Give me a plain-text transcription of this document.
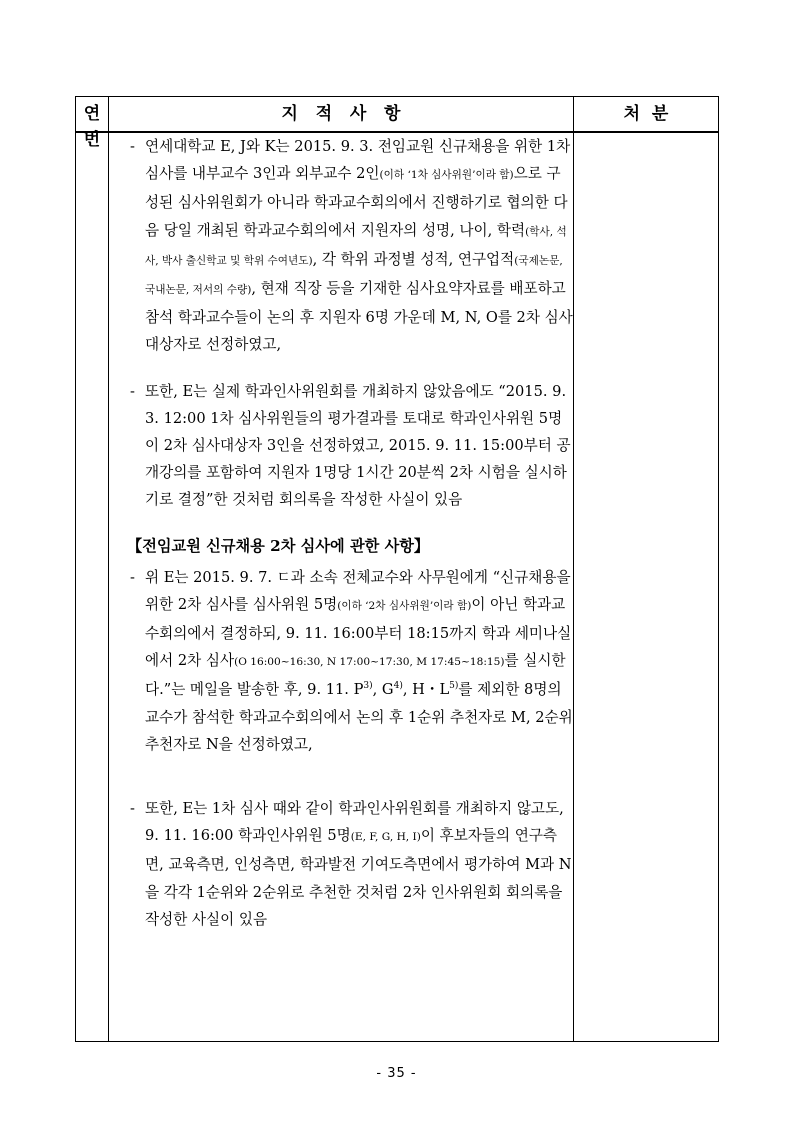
연번
지   적   사   항	처  분
- 연세대학교 E, J와 K는 2015. 9. 3. 전임교원 신규채용을 위한 1차 심사를 내부교수 3인과 외부교수 2인(이하 ‘1차 심사위원’이라 함)으로 구성된 심사위원회가 아니라 학과교수회의에서 진행하기로 협의한 다음 당일 개최된 학과교수회의에서 지원자의 성명, 나이, 학력(학사, 석사, 박사 출신학교 및 학위 수여년도), 각 학위 과정별 성적, 연구업적(국제논문, 국내논문, 저서의 수량), 현재 직장 등을 기재한 심사요약자료를 배포하고 참석 학과교수들이 논의 후 지원자 6명 가운데 M, N, O를 2차 심사대상자로 선정하였고,
- 또한, E는 실제 학과인사위원회를 개최하지 않았음에도 “2015. 9. 3. 12:00 1차 심사위원들의 평가결과를 토대로 학과인사위원 5명이 2차 심사대상자 3인을 선정하였고, 2015. 9. 11. 15:00부터 공개강의를 포함하여 지원자 1명당 1시간 20분씩 2차 시험을 실시하기로 결정”한 것처럼 회의록을 작성한 사실이 있음
【전임교원 신규채용 2차 심사에 관한 사항】
- 위 E는 2015. 9. 7. ㄷ과 소속 전체교수와 사무원에게 “신규채용을 위한 2차 심사를 심사위원 5명(이하 ‘2차 심사위원’이라 함)이 아닌 학과교수회의에서 결정하되, 9. 11. 16:00부터 18:15까지 학과 세미나실에서 2차 심사(O 16:00~16:30, N 17:00~17:30, M 17:45~18:15)를 실시한다.”는 메일을 발송한 후, 9. 11. $P^{3)}$, $G^{4)}$, H・$L^{5)}$를 제외한 8명의 교수가 참석한 학과교수회의에서 논의 후 1순위 추천자로 M, 2순위 추천자로 N을 선정하였고,
- 또한, E는 1차 심사 때와 같이 학과인사위원회를 개최하지 않고도, 9. 11. 16:00 학과인사위원 5명(E, F, G, H, I)이 후보자들의 연구측면, 교육측면, 인성측면, 학과발전 기여도측면에서 평가하여 M과 N을 각각 1순위와 2순위로 추천한 것처럼 2차 인사위원회 회의록을 작성한 사실이 있음
- 35 -
